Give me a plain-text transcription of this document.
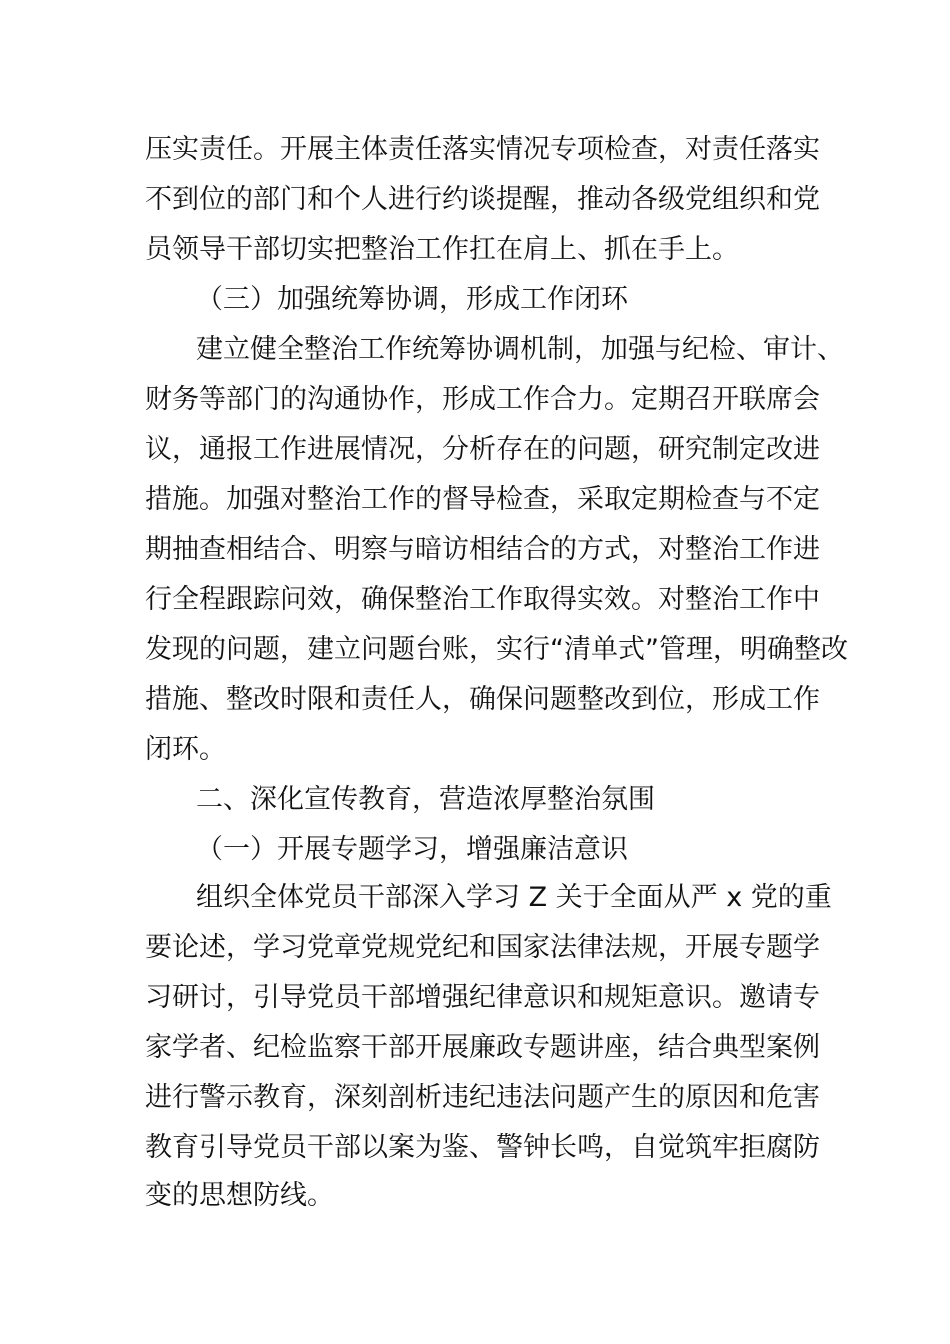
压实责任。开展主体责任落实情况专项检查，对责任落实

不到位的部门和个人进行约谈提醒，推动各级党组织和党

员领导干部切实把整治工作扛在肩上、抓在手上。

（三）加强统筹协调，形成工作闭环

建立健全整治工作统筹协调机制，加强与纪检、审计、

财务等部门的沟通协作，形成工作合力。定期召开联席会

议，通报工作进展情况，分析存在的问题，研究制定改进

措施。加强对整治工作的督导检查，采取定期检查与不定

期抽查相结合、明察与暗访相结合的方式，对整治工作进

行全程跟踪问效，确保整治工作取得实效。对整治工作中

发现的问题，建立问题台账，实行“清单式”管理，明确整改

措施、整改时限和责任人，确保问题整改到位，形成工作

闭环。

二、深化宣传教育，营造浓厚整治氛围

（一）开展专题学习，增强廉洁意识

组织全体党员干部深入学习 Z 关于全面从严 x 党的重

要论述，学习党章党规党纪和国家法律法规，开展专题学

习研讨，引导党员干部增强纪律意识和规矩意识。邀请专

家学者、纪检监察干部开展廉政专题讲座，结合典型案例

进行警示教育，深刻剖析违纪违法问题产生的原因和危害

教育引导党员干部以案为鉴、警钟长鸣，自觉筑牢拒腐防

变的思想防线。
